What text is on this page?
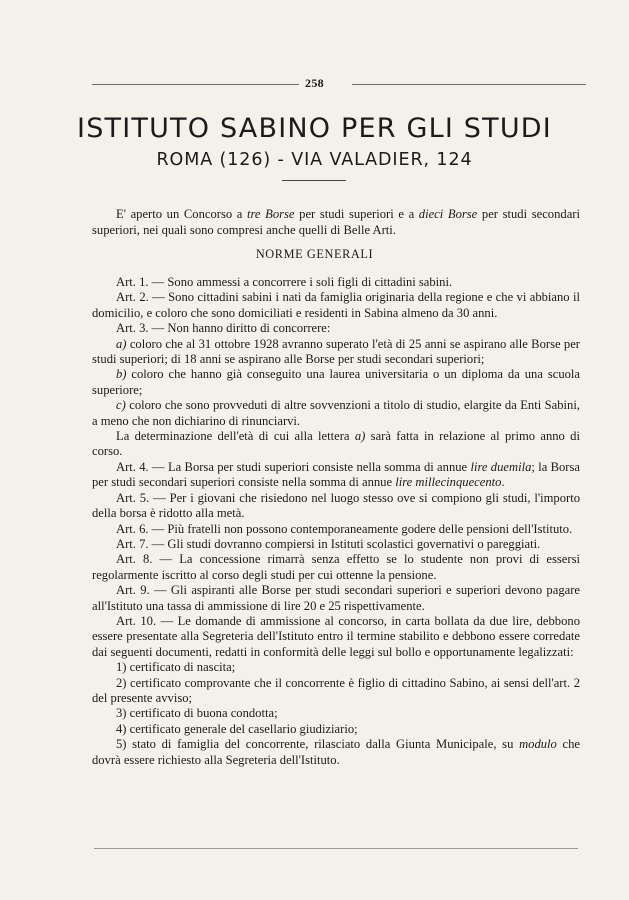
258
ISTITUTO SABINO PER GLI STUDI
ROMA (126) - VIA VALADIER, 124

E' aperto un Concorso a tre Borse per studi superiori e a dieci Borse per studi secondari superiori, nei quali sono compresi anche quelli di Belle Arti.

NORME GENERALI

Art. 1. — Sono ammessi a concorrere i soli figli di cittadini sabini.

Art. 2. — Sono cittadini sabini i nati da famiglia originaria della regione e che vi abbiano il domicilio, e coloro che sono domiciliati e residenti in Sabina almeno da 30 anni.

Art. 3. — Non hanno diritto di concorrere:

a) coloro che al 31 ottobre 1928 avranno superato l'età di 25 anni se aspirano alle Borse per studi superiori; di 18 anni se aspirano alle Borse per studi secondari superiori;

b) coloro che hanno già conseguito una laurea universitaria o un diploma da una scuola superiore;

c) coloro che sono provveduti di altre sovvenzioni a titolo di studio, elargite da Enti Sabini, a meno che non dichiarino di rinunciarvi.

La determinazione dell'età di cui alla lettera a) sarà fatta in relazione al primo anno di corso.

Art. 4. — La Borsa per studi superiori consiste nella somma di annue lire duemila; la Borsa per studi secondari superiori consiste nella somma di annue lire millecinquecento.

Art. 5. — Per i giovani che risiedono nel luogo stesso ove si compiono gli studi, l'importo della borsa è ridotto alla metà.

Art. 6. — Più fratelli non possono contemporaneamente godere delle pensioni dell'Istituto.

Art. 7. — Gli studi dovranno compiersi in Istituti scolastici governativi o pareggiati.

Art. 8. — La concessione rimarrà senza effetto se lo studente non provi di essersi regolarmente iscritto al corso degli studi per cui ottenne la pensione.

Art. 9. — Gli aspiranti alle Borse per studi secondari superiori e superiori devono pagare all'Istituto una tassa di ammissione di lire 20 e 25 rispettivamente.

Art. 10. — Le domande di ammissione al concorso, in carta bollata da due lire, debbono essere presentate alla Segreteria dell'Istituto entro il termine stabilito e debbono essere corredate dai seguenti documenti, redatti in conformità delle leggi sul bollo e opportunamente legalizzati:

1) certificato di nascita;

2) certificato comprovante che il concorrente è figlio di cittadino Sabino, ai sensi dell'art. 2 del presente avviso;

3) certificato di buona condotta;

4) certificato generale del casellario giudiziario;

5) stato di famiglia del concorrente, rilasciato dalla Giunta Municipale, su modulo che dovrà essere richiesto alla Segreteria dell'Istituto.
